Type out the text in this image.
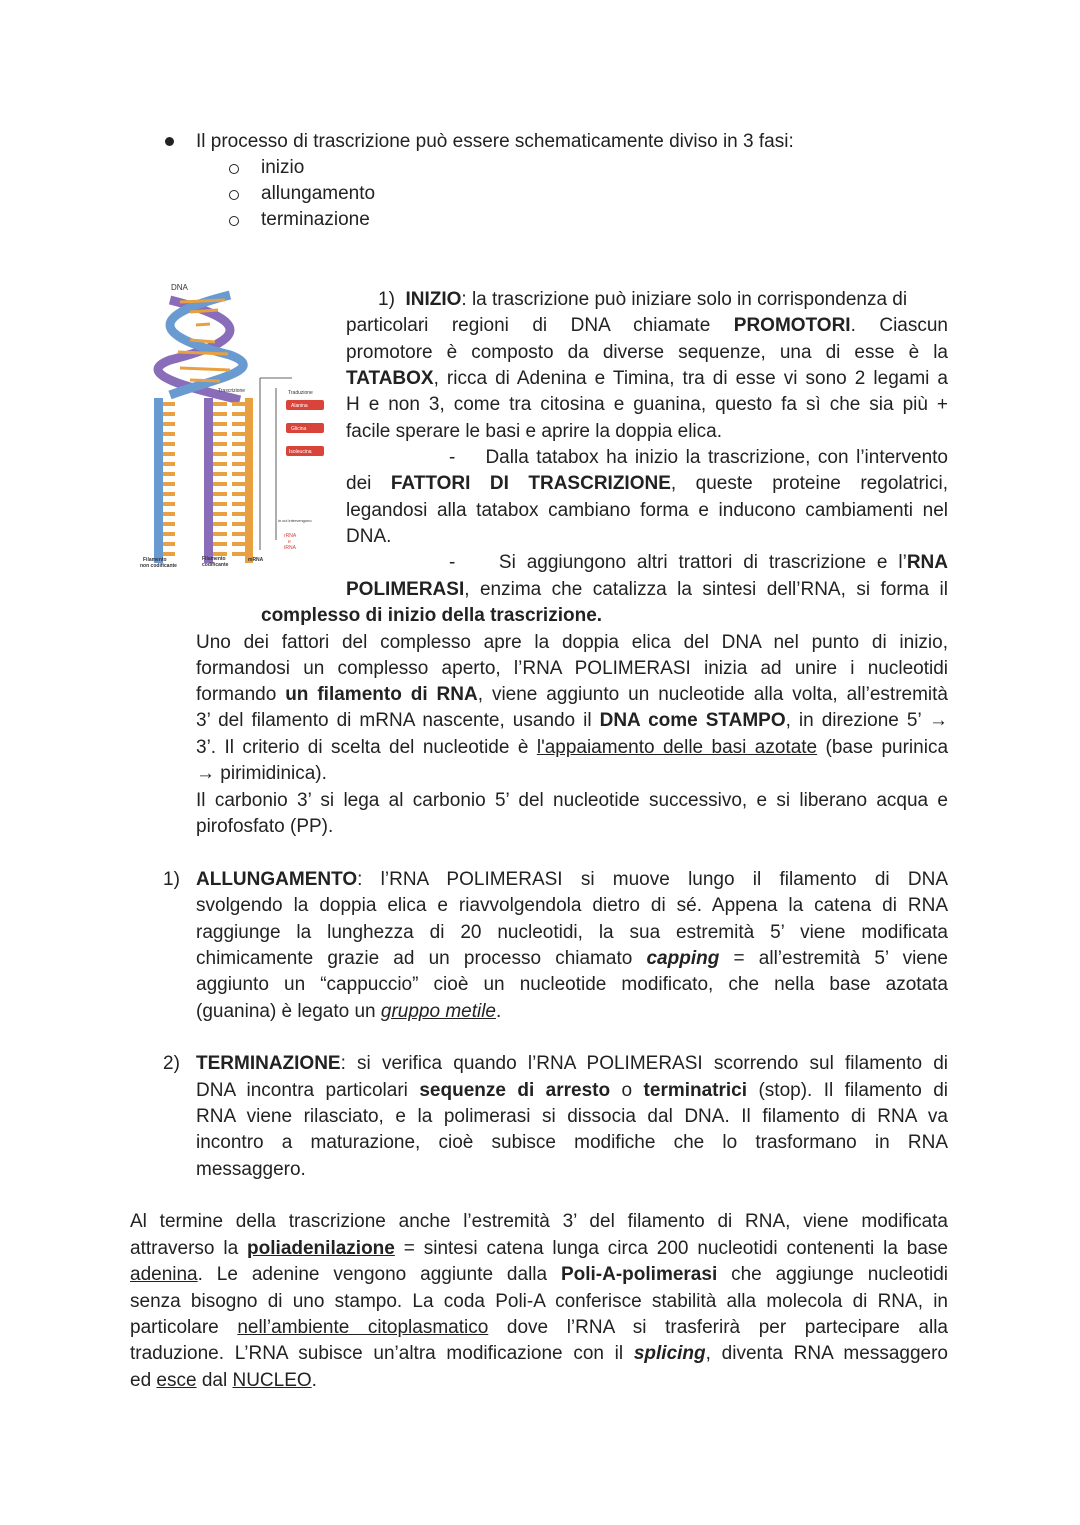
Il processo di trascrizione può essere schematicamente diviso in 3 fasi:
inizio
allungamento
terminazione
DNA
Trascrizione	Traduzione
Alanina
Glicina
Isoleucina
in cui intervengono
rRNA
e
tRNA
Filamento
non codificante
Filamento
codificante
mRNA
1)  INIZIO: la trascrizione può iniziare solo in corrispondenza di
particolari regioni di DNA chiamate PROMOTORI. Ciascun
promotore è composto da diverse sequenze, una di esse è la
TATABOX, ricca di Adenina e Timina, tra di esse vi sono 2 legami a
H e non 3, come tra citosina e guanina, questo fa sì che sia più +
facile sperare le basi e aprire la doppia elica.
-    Dalla tatabox ha inizio la trascrizione, con l’intervento
dei FATTORI DI TRASCRIZIONE, queste proteine regolatrici,
legandosi alla tatabox cambiano forma e inducono cambiamenti nel
DNA.
-    Si aggiungono altri trattori di trascrizione e l’RNA
POLIMERASI, enzima che catalizza la sintesi dell’RNA, si forma il
complesso di inizio della trascrizione.
Uno dei fattori del complesso apre la doppia elica del DNA nel punto di inizio,
formandosi un complesso aperto, l’RNA POLIMERASI inizia ad unire i nucleotidi
formando un filamento di RNA, viene aggiunto un nucleotide alla volta, all’estremità
3’ del filamento di mRNA nascente, usando il DNA come STAMPO, in direzione 5’ →
3’. Il criterio di scelta del nucleotide è l'appaiamento delle basi azotate (base purinica
→ pirimidinica).
Il carbonio 3’ si lega al carbonio 5’ del nucleotide successivo, e si liberano acqua e
pirofosfato (PP).
1) ALLUNGAMENTO: l’RNA POLIMERASI si muove lungo il filamento di DNA
svolgendo la doppia elica e riavvolgendola dietro di sé. Appena la catena di RNA
raggiunge la lunghezza di 20 nucleotidi, la sua estremità 5’ viene modificata
chimicamente grazie ad un processo chiamato capping = all’estremità 5’ viene
aggiunto un “cappuccio” cioè un nucleotide modificato, che nella base azotata
(guanina) è legato un gruppo metile.
2) TERMINAZIONE: si verifica quando l’RNA POLIMERASI scorrendo sul filamento di
DNA incontra particolari sequenze di arresto o terminatrici (stop). Il filamento di
RNA viene rilasciato, e la polimerasi si dissocia dal DNA. Il filamento di RNA va
incontro a maturazione, cioè subisce modifiche che lo trasformano in RNA
messaggero.
Al termine della trascrizione anche l’estremità 3’ del filamento di RNA, viene modificata
attraverso la poliadenilazione = sintesi catena lunga circa 200 nucleotidi contenenti la base
adenina. Le adenine vengono aggiunte dalla Poli-A-polimerasi che aggiunge nucleotidi
senza bisogno di uno stampo. La coda Poli-A conferisce stabilità alla molecola di RNA, in
particolare nell’ambiente citoplasmatico dove l’RNA si trasferirà per partecipare alla
traduzione. L’RNA subisce un’altra modificazione con il splicing, diventa RNA messaggero
ed esce dal NUCLEO.
